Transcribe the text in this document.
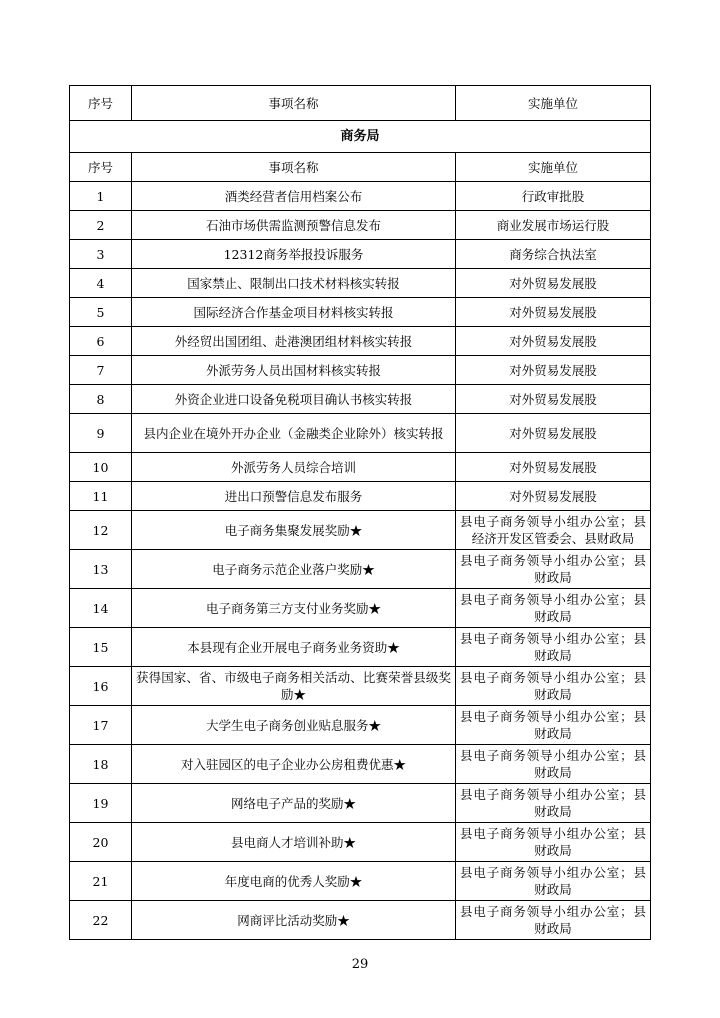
序号	事项名称	实施单位
商务局		
序号	事项名称	实施单位
1	酒类经营者信用档案公布	行政审批股
2	石油市场供需监测预警信息发布	商业发展市场运行股
3	12312商务举报投诉服务	商务综合执法室
4	国家禁止、限制出口技术材料核实转报	对外贸易发展股
5	国际经济合作基金项目材料核实转报	对外贸易发展股
6	外经贸出国团组、赴港澳团组材料核实转报	对外贸易发展股
7	外派劳务人员出国材料核实转报	对外贸易发展股
8	外资企业进口设备免税项目确认书核实转报	对外贸易发展股
9	县内企业在境外开办企业（金融类企业除外）核实转报	对外贸易发展股
10	外派劳务人员综合培训	对外贸易发展股
11	进出口预警信息发布服务	对外贸易发展股
12	电子商务集聚发展奖励★	县电子商务领导小组办公室；县经济开发区管委会、县财政局
13	电子商务示范企业落户奖励★	县电子商务领导小组办公室；县财政局
14	电子商务第三方支付业务奖励★	县电子商务领导小组办公室；县财政局
15	本县现有企业开展电子商务业务资助★	县电子商务领导小组办公室；县财政局
16	获得国家、省、市级电子商务相关活动、比赛荣誉县级奖励★	县电子商务领导小组办公室；县财政局
17	大学生电子商务创业贴息服务★	县电子商务领导小组办公室；县财政局
18	对入驻园区的电子企业办公房租费优惠★	县电子商务领导小组办公室；县财政局
19	网络电子产品的奖励★	县电子商务领导小组办公室；县财政局
20	县电商人才培训补助★	县电子商务领导小组办公室；县财政局
21	年度电商的优秀人奖励★	县电子商务领导小组办公室；县财政局
22	网商评比活动奖励★	县电子商务领导小组办公室；县财政局
29
